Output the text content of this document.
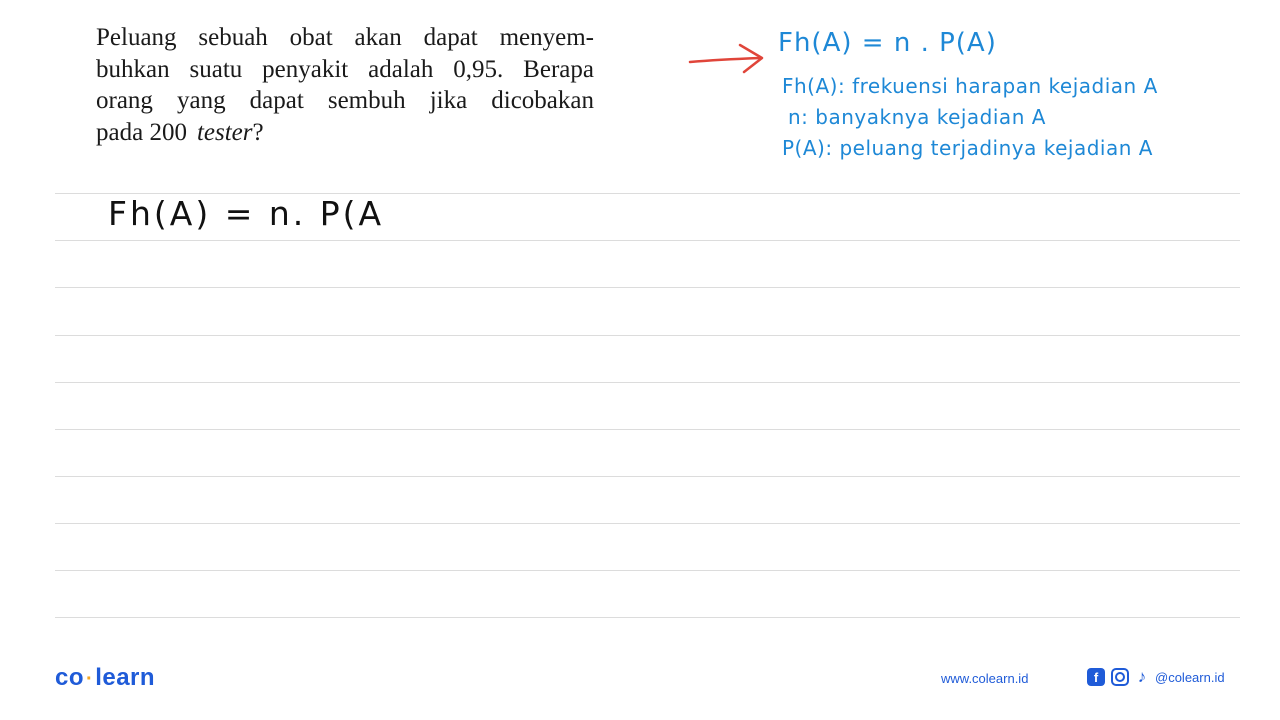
Peluang sebuah obat akan dapat menyem-
buhkan suatu penyakit adalah 0,95. Berapa
orang yang dapat sembuh jika dicobakan
pada 200 tester?
Fh(A) = n . P(A)
Fh(A): frekuensi harapan kejadian A
n: banyaknya kejadian A
P(A): peluang terjadinya kejadian A
Fh(A) = n. P(A
co ·learn	www.colearn.id	f	♪ @colearn.id
